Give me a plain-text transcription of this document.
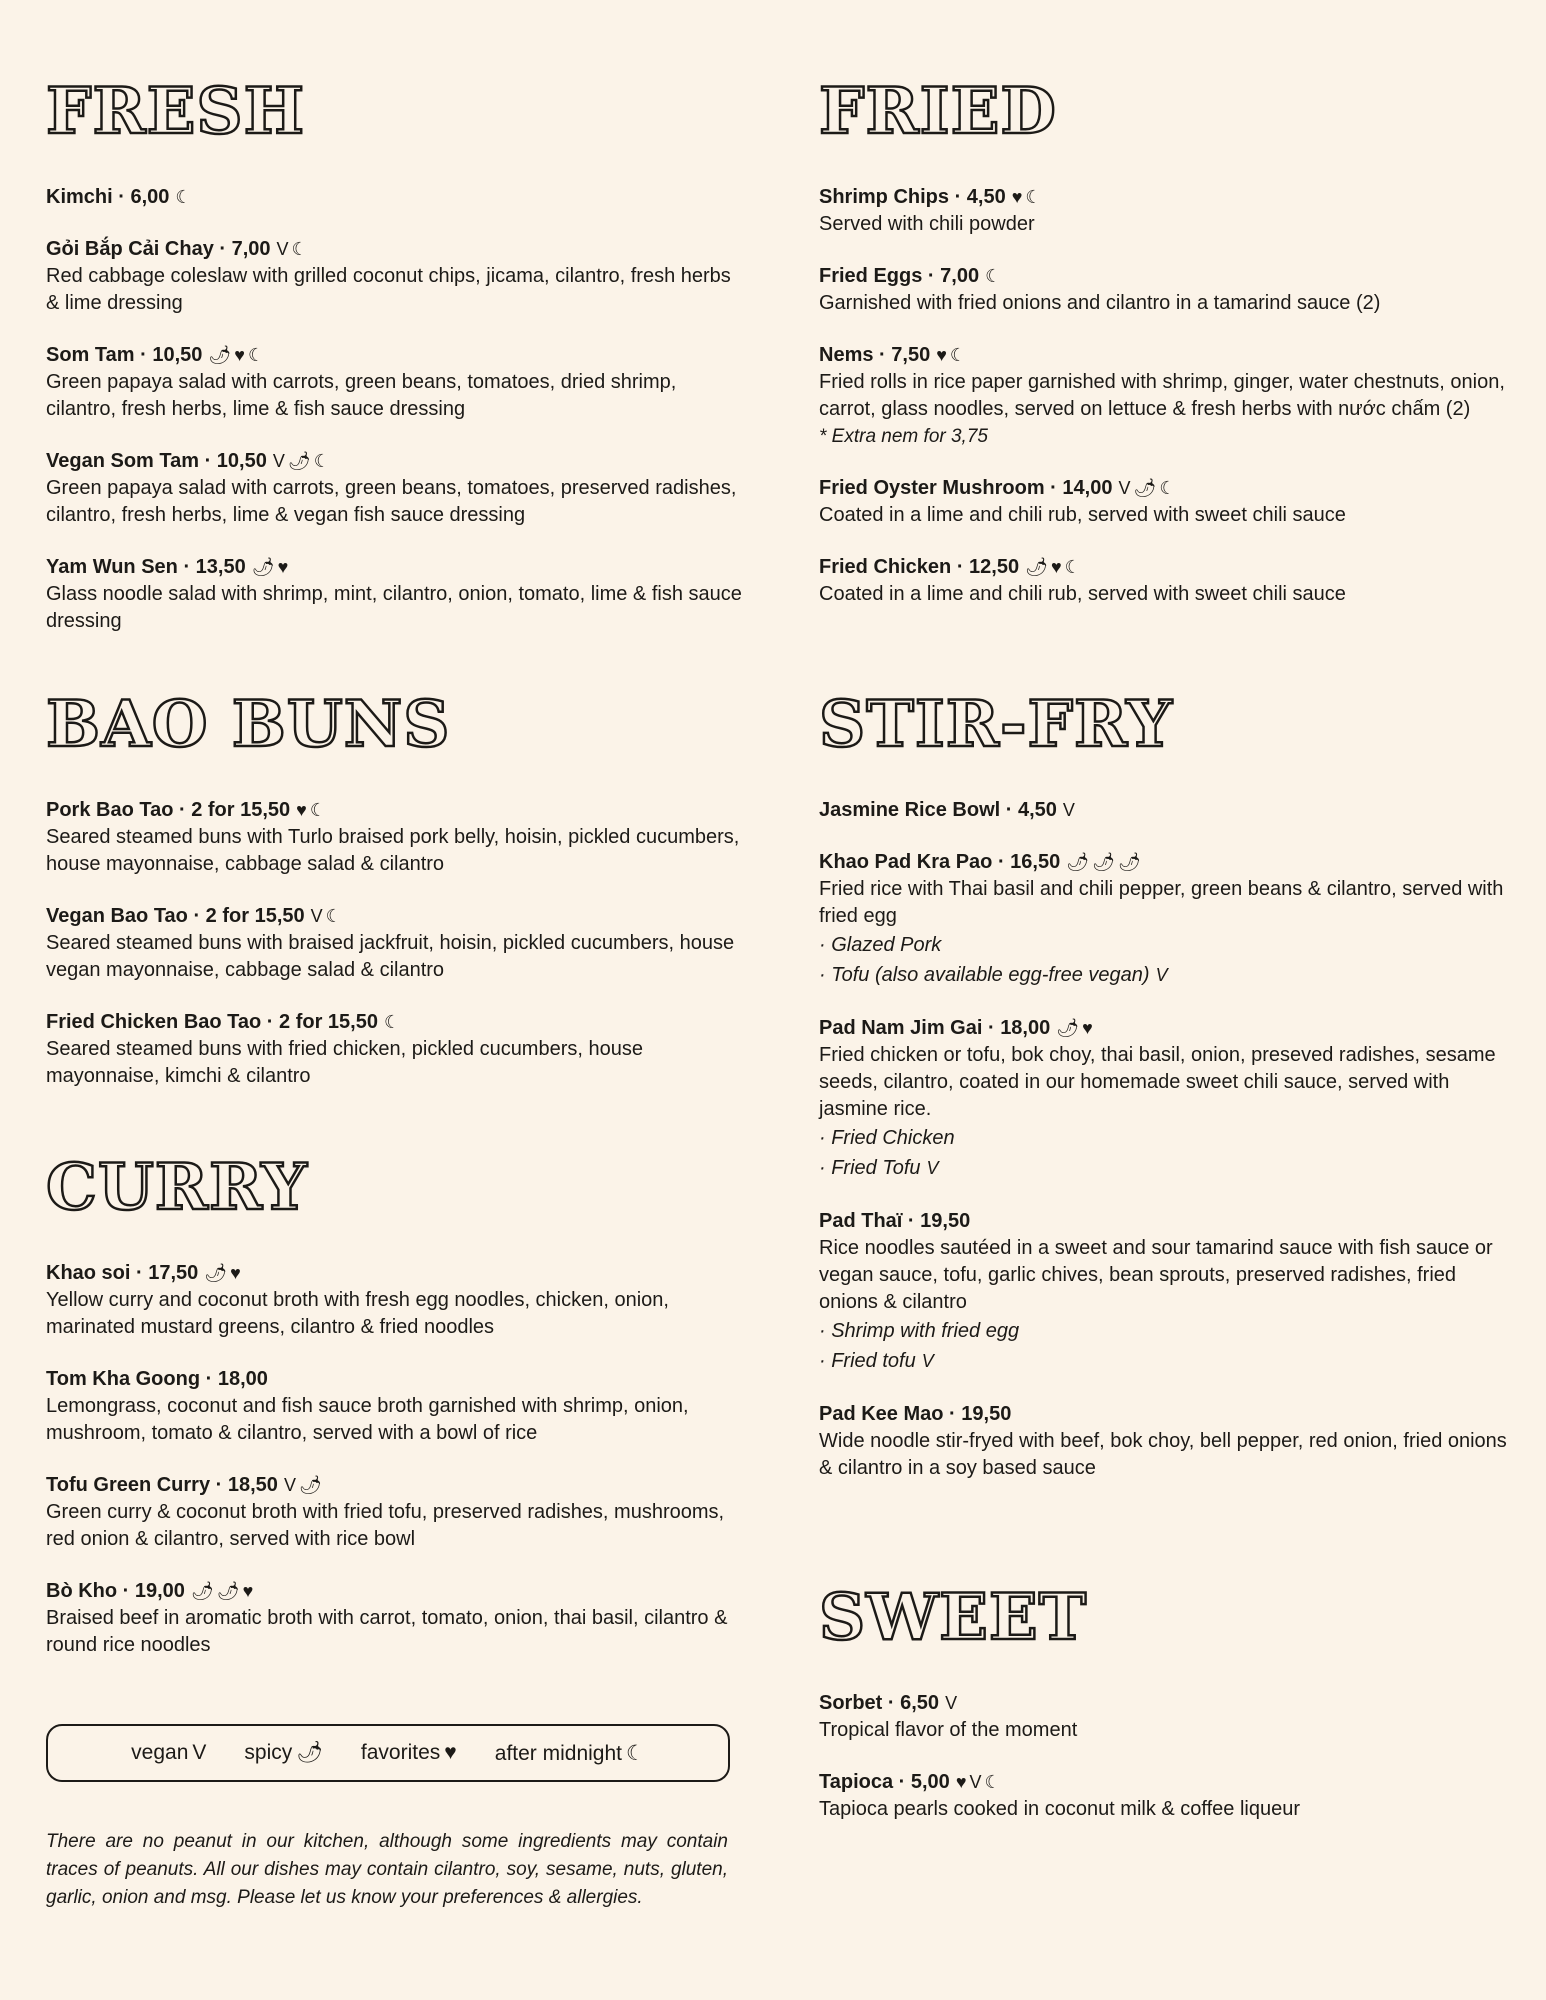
FRESH
Kimchi · 6,00 ☾
Gỏi Bắp Cải Chay · 7,00 V ☾
Red cabbage coleslaw with grilled coconut chips, jicama, cilantro, fresh herbs & lime dressing
Som Tam · 10,50 🌶 ♥ ☾
Green papaya salad with carrots, green beans, tomatoes, dried shrimp, cilantro, fresh herbs, lime & fish sauce dressing
Vegan Som Tam · 10,50 V 🌶 ☾
Green papaya salad with carrots, green beans, tomatoes, preserved radishes, cilantro, fresh herbs, lime & vegan fish sauce dressing
Yam Wun Sen · 13,50 🌶 ♥
Glass noodle salad with shrimp, mint, cilantro, onion, tomato, lime & fish sauce dressing
BAO BUNS
Pork Bao Tao · 2 for 15,50 ♥ ☾
Seared steamed buns with Turlo braised pork belly, hoisin, pickled cucumbers, house mayonnaise, cabbage salad & cilantro
Vegan Bao Tao · 2 for 15,50 V ☾
Seared steamed buns with braised jackfruit, hoisin, pickled cucumbers, house vegan mayonnaise, cabbage salad & cilantro
Fried Chicken Bao Tao · 2 for 15,50 ☾
Seared steamed buns with fried chicken, pickled cucumbers, house mayonnaise, kimchi & cilantro
CURRY
Khao soi · 17,50 🌶 ♥
Yellow curry and coconut broth with fresh egg noodles, chicken, onion, marinated mustard greens, cilantro & fried noodles
Tom Kha Goong · 18,00
Lemongrass, coconut and fish sauce broth garnished with shrimp, onion, mushroom, tomato & cilantro, served with a bowl of rice
Tofu Green Curry · 18,50 V 🌶
Green curry & coconut broth with fried tofu, preserved radishes, mushrooms, red onion & cilantro, served with rice bowl
Bò Kho · 19,00 🌶 🌶 ♥
Braised beef in aromatic broth with carrot, tomato, onion, thai basil, cilantro & round rice noodles
FRIED
Shrimp Chips · 4,50 ♥ ☾
Served with chili powder
Fried Eggs · 7,00 ☾
Garnished with fried onions and cilantro in a tamarind sauce (2)
Nems · 7,50 ♥ ☾
Fried rolls in rice paper garnished with shrimp, ginger, water chestnuts, onion, carrot, glass noodles, served on lettuce & fresh herbs with nước chấm (2)
* Extra nem for 3,75
Fried Oyster Mushroom · 14,00 V 🌶 ☾
Coated in a lime and chili rub, served with sweet chili sauce
Fried Chicken · 12,50 🌶 ♥ ☾
Coated in a lime and chili rub, served with sweet chili sauce
STIR-FRY
Jasmine Rice Bowl · 4,50 V
Khao Pad Kra Pao · 16,50 🌶 🌶 🌶
Fried rice with Thai basil and chili pepper, green beans & cilantro, served with fried egg
· Glazed Pork
· Tofu (also available egg-free vegan) V
Pad Nam Jim Gai · 18,00 🌶 ♥
Fried chicken or tofu, bok choy, thai basil, onion, preseved radishes, sesame seeds, cilantro, coated in our homemade sweet chili sauce, served with jasmine rice.
· Fried Chicken
· Fried Tofu V
Pad Thaï · 19,50
Rice noodles sautéed in a sweet and sour tamarind sauce with fish sauce or vegan sauce, tofu, garlic chives, bean sprouts, preserved radishes, fried onions & cilantro
· Shrimp with fried egg
· Fried tofu V
Pad Kee Mao · 19,50
Wide noodle stir-fryed with beef, bok choy, bell pepper, red onion, fried onions & cilantro in a soy based sauce
SWEET
Sorbet · 6,50 V
Tropical flavor of the moment
Tapioca · 5,00 ♥ V ☾
Tapioca pearls cooked in coconut milk & coffee liqueur
vegan V spicy 🌶 favorites ♥ after midnight ☾
There are no peanut in our kitchen, although some ingredients may contain traces of peanuts. All our dishes may contain cilantro, soy, sesame, nuts, gluten, garlic, onion and msg. Please let us know your preferences & allergies.
